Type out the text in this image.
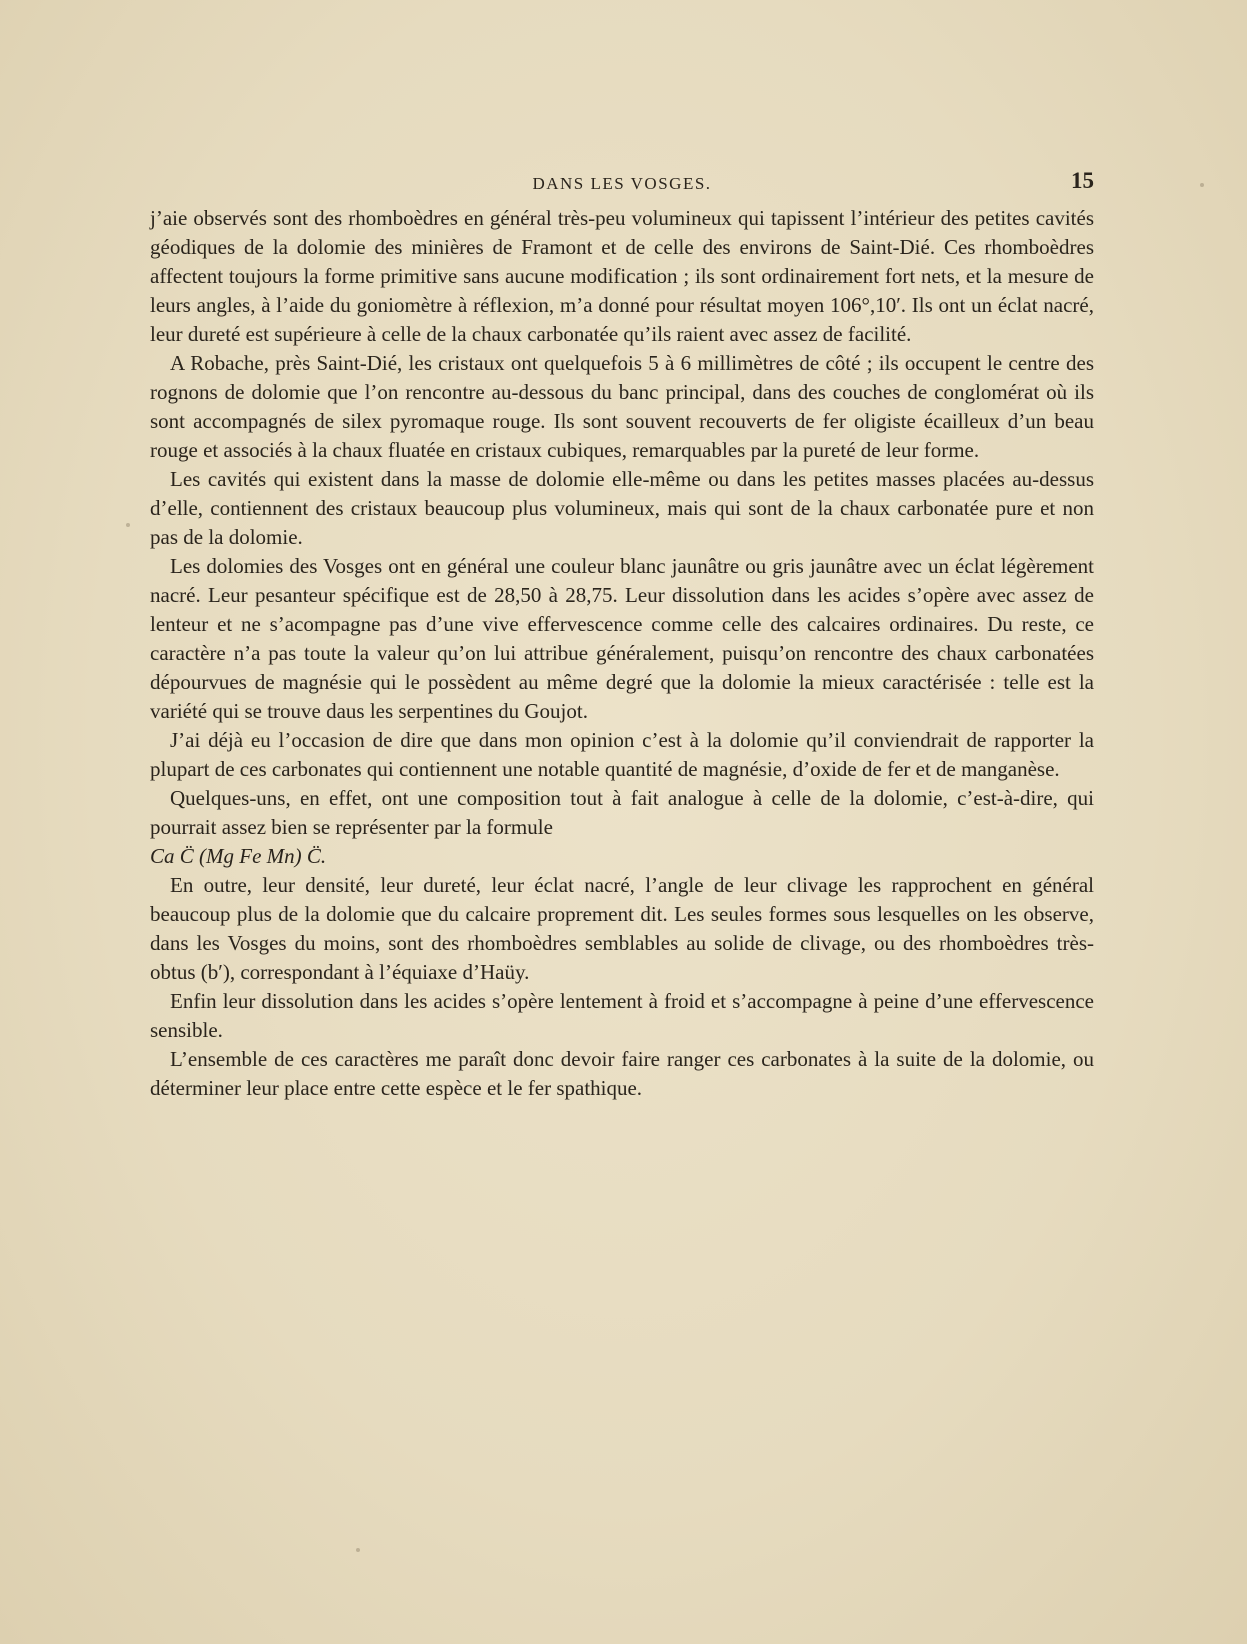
DANS LES VOSGES.	15

j’aie observés sont des rhomboèdres en général très-peu volumineux qui tapissent l’intérieur des petites cavités géodiques de la dolomie des minières de Framont et de celle des environs de Saint-Dié. Ces rhomboèdres affectent toujours la forme primitive sans aucune modification ; ils sont ordinairement fort nets, et la mesure de leurs angles, à l’aide du goniomètre à réflexion, m’a donné pour résultat moyen 106°,10′. Ils ont un éclat nacré, leur dureté est supérieure à celle de la chaux carbonatée qu’ils raient avec assez de facilité.

A Robache, près Saint-Dié, les cristaux ont quelquefois 5 à 6 millimètres de côté ; ils occupent le centre des rognons de dolomie que l’on rencontre au-dessous du banc principal, dans des couches de conglomérat où ils sont accompagnés de silex pyromaque rouge. Ils sont souvent recouverts de fer oligiste écailleux d’un beau rouge et associés à la chaux fluatée en cristaux cubiques, remarquables par la pureté de leur forme.

Les cavités qui existent dans la masse de dolomie elle-même ou dans les petites masses placées au-dessus d’elle, contiennent des cristaux beaucoup plus volumineux, mais qui sont de la chaux carbonatée pure et non pas de la dolomie.

Les dolomies des Vosges ont en général une couleur blanc jaunâtre ou gris jaunâtre avec un éclat légèrement nacré. Leur pesanteur spécifique est de 28,50 à 28,75. Leur dissolution dans les acides s’opère avec assez de lenteur et ne s’acompagne pas d’une vive effervescence comme celle des calcaires ordinaires. Du reste, ce caractère n’a pas toute la valeur qu’on lui attribue généralement, puisqu’on rencontre des chaux carbonatées dépourvues de magnésie qui le possèdent au même degré que la dolomie la mieux caractérisée : telle est la variété qui se trouve daus les serpentines du Goujot.

J’ai déjà eu l’occasion de dire que dans mon opinion c’est à la dolomie qu’il conviendrait de rapporter la plupart de ces carbonates qui contiennent une notable quantité de magnésie, d’oxide de fer et de manganèse.

Quelques-uns, en effet, ont une composition tout à fait analogue à celle de la dolomie, c’est-à-dire, qui pourrait assez bien se représenter par la formule
Ca C̈ (Mg Fe Mn) C̈.

En outre, leur densité, leur dureté, leur éclat nacré, l’angle de leur clivage les rapprochent en général beaucoup plus de la dolomie que du calcaire proprement dit. Les seules formes sous lesquelles on les observe, dans les Vosges du moins, sont des rhomboèdres semblables au solide de clivage, ou des rhomboèdres très-obtus (b′), correspondant à l’équiaxe d’Haüy.

Enfin leur dissolution dans les acides s’opère lentement à froid et s’accompagne à peine d’une effervescence sensible.

L’ensemble de ces caractères me paraît donc devoir faire ranger ces carbonates à la suite de la dolomie, ou déterminer leur place entre cette espèce et le fer spathique.
